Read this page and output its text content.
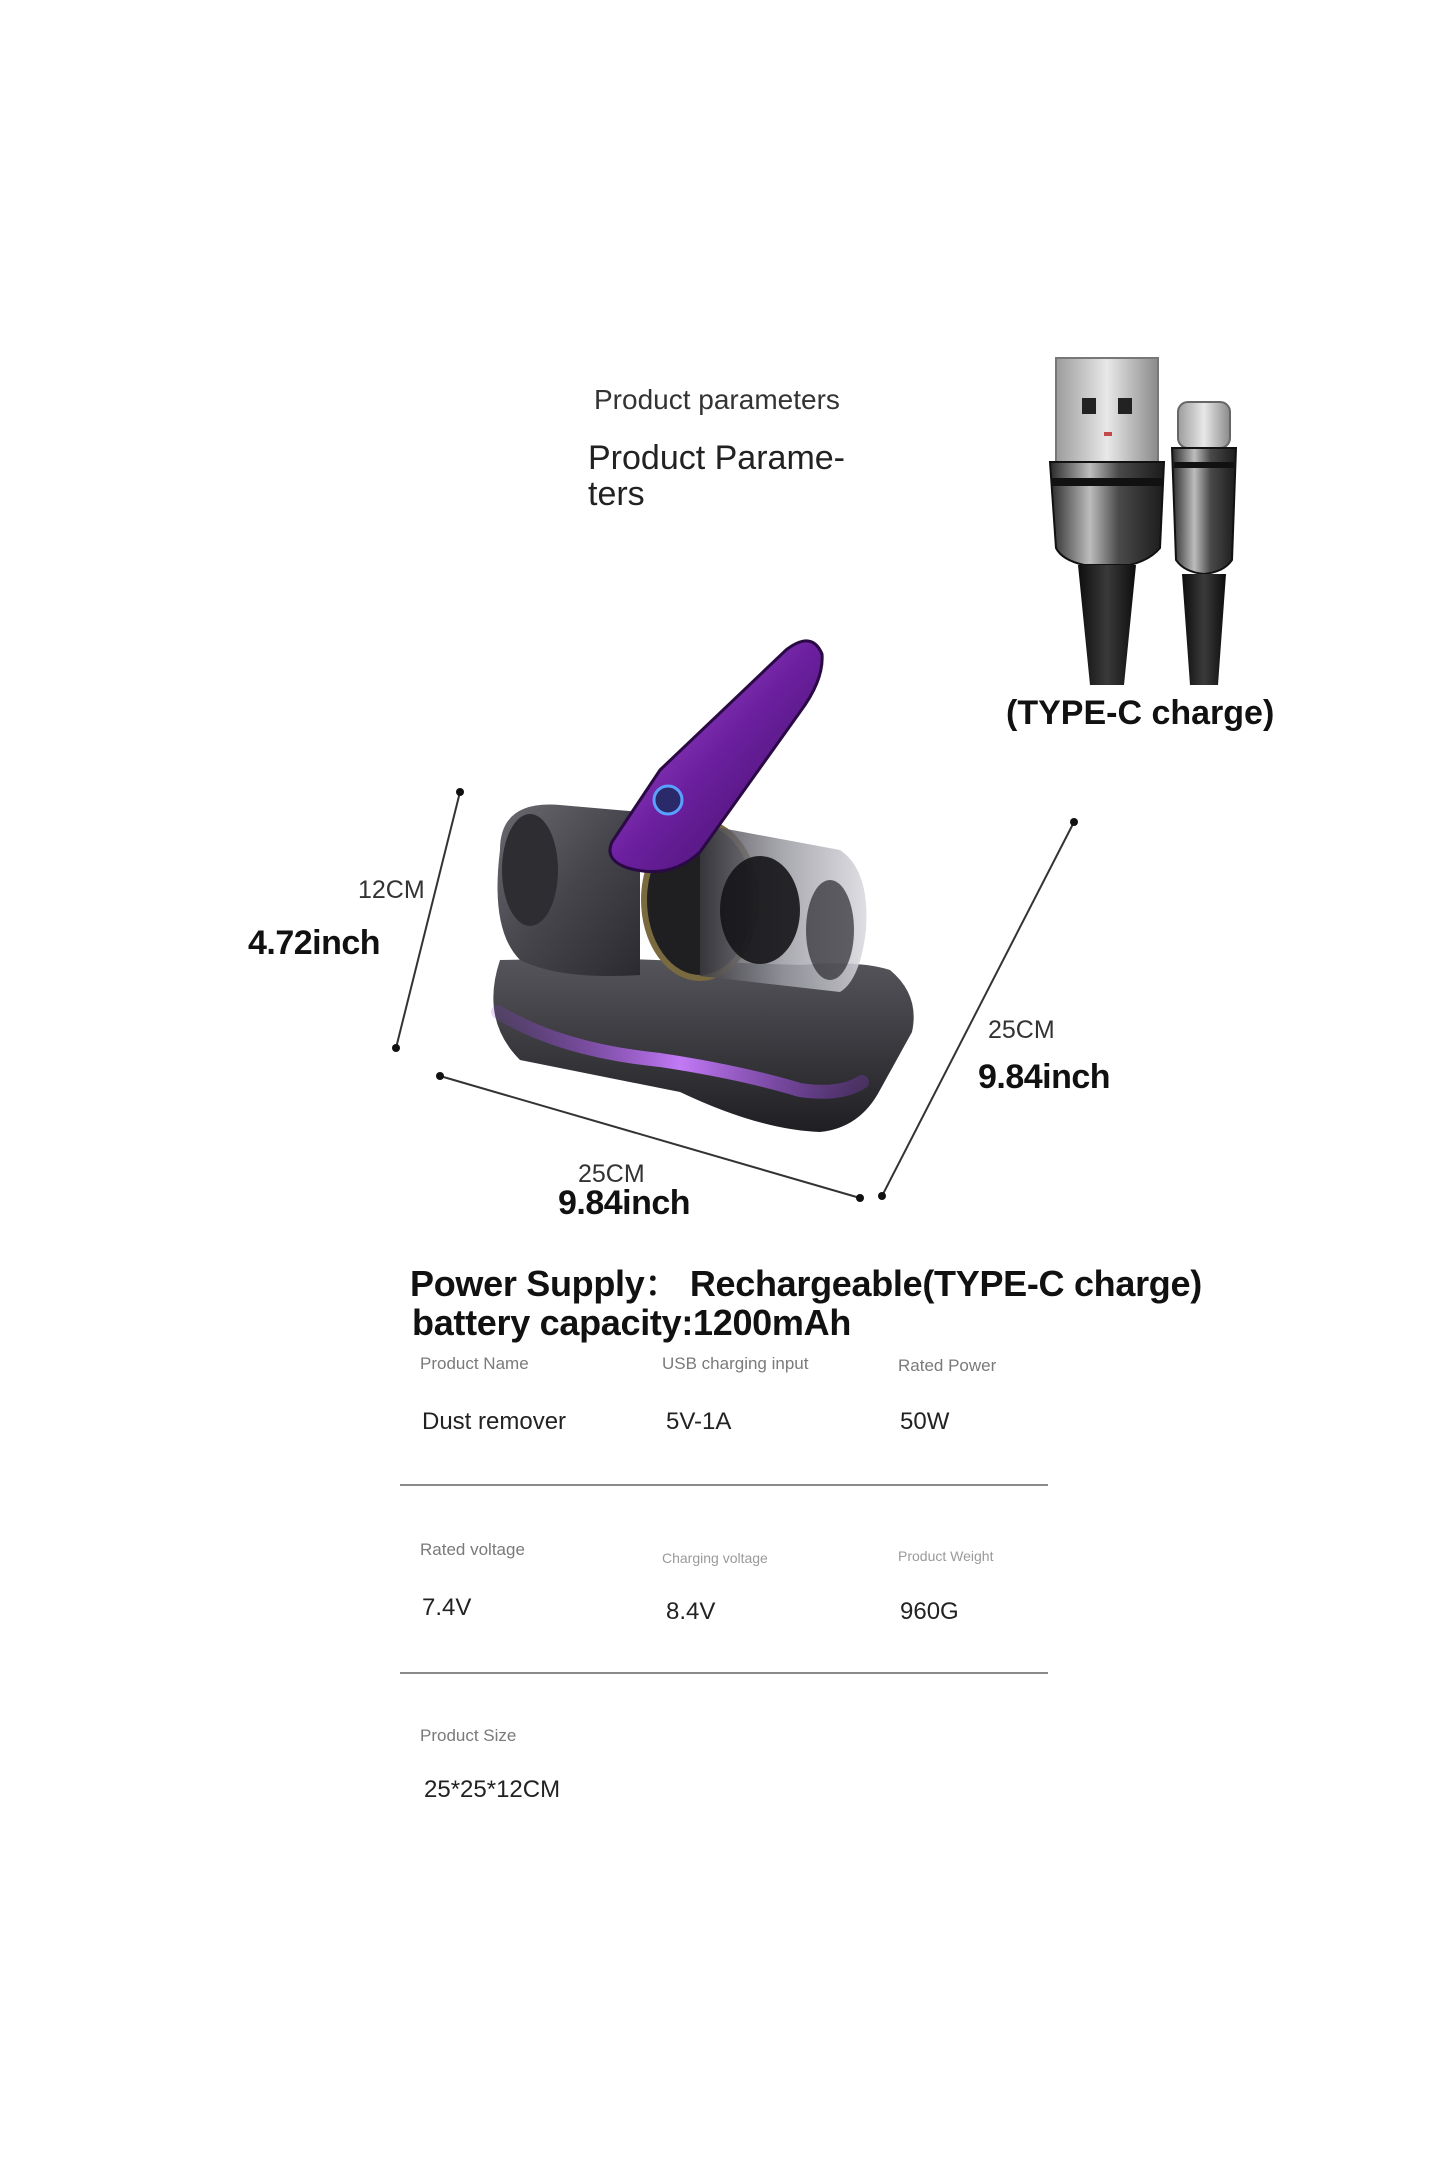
Product parameters
Product Parame-
ters
(TYPE-C charge)
12CM
4.72inch
25CM
9.84inch
25CM
9.84inch
Power Supply： Rechargeable(TYPE-C charge)
battery capacity:1200mAh
Product Name
Dust remover
USB charging input
5V-1A
Rated Power
50W
Rated voltage
7.4V
Charging voltage
8.4V
Product Weight
960G
Product Size
25*25*12CM
